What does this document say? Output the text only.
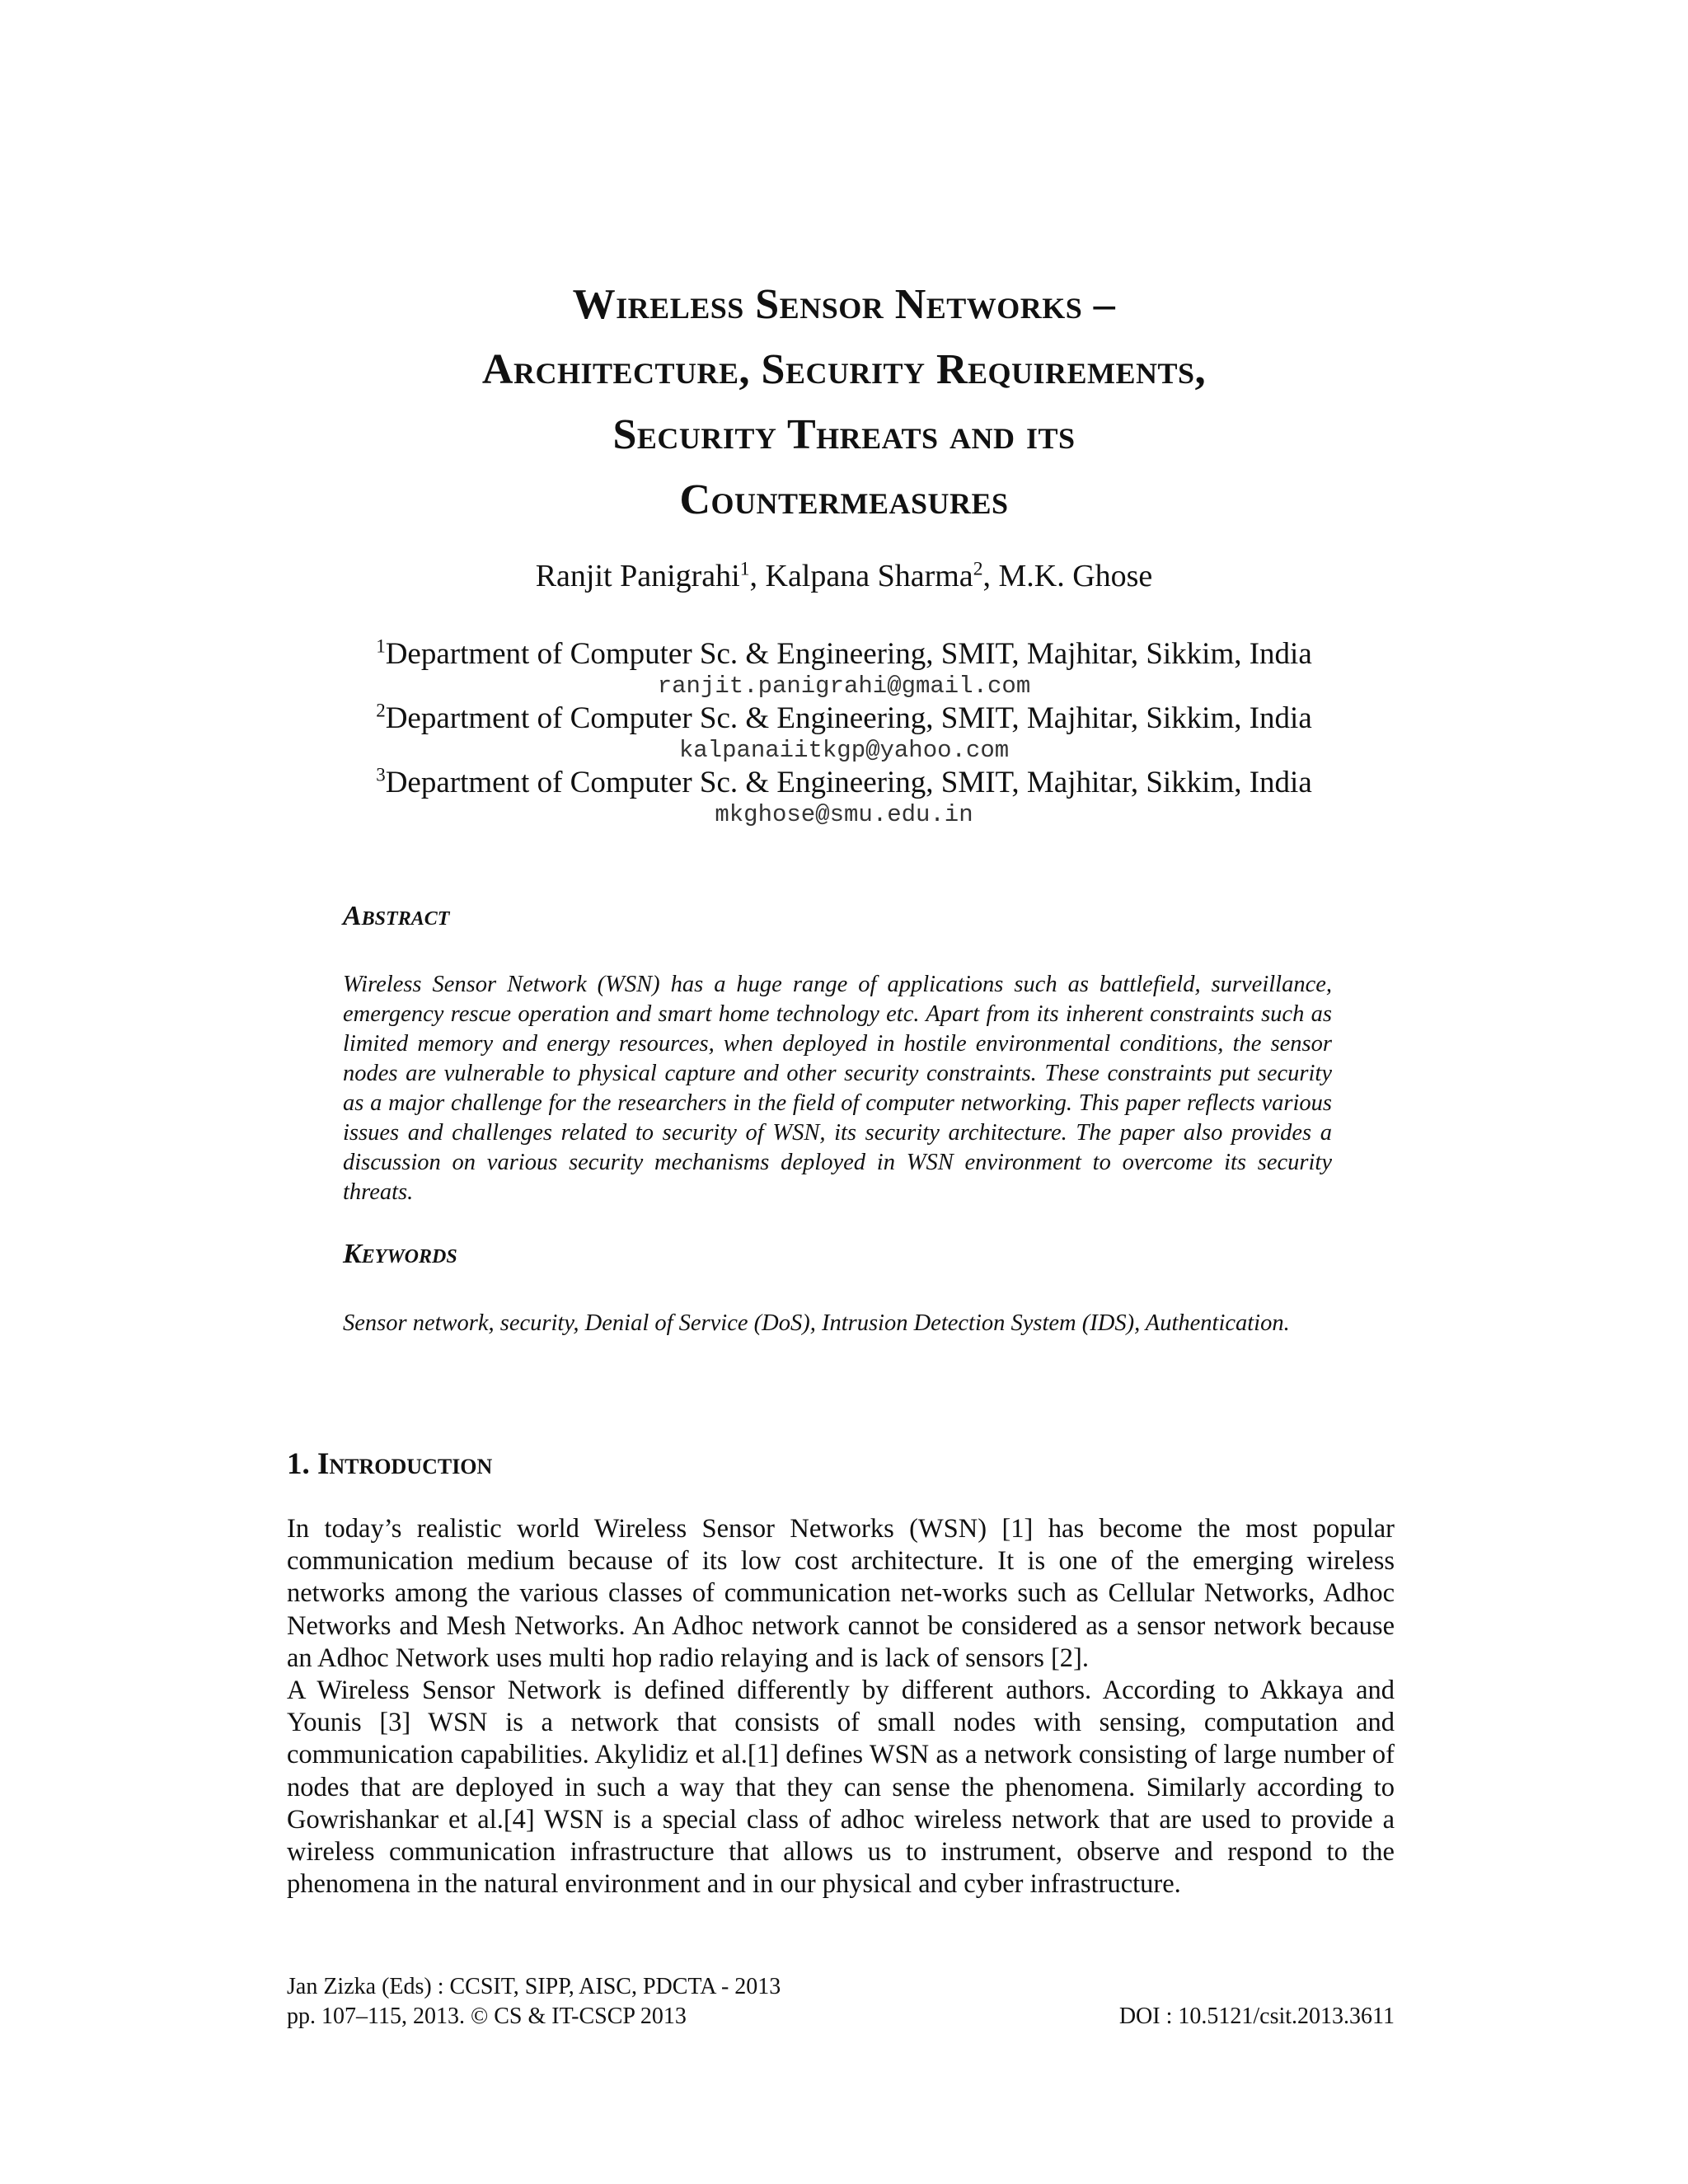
Wireless Sensor Networks –
Architecture, Security Requirements,
Security Threats and its
Countermeasures
Ranjit Panigrahi$^1$, Kalpana Sharma$^2$, M.K. Ghose
$^1$Department of Computer Sc. & Engineering, SMIT, Majhitar, Sikkim, India
ranjit.panigrahi@gmail.com
$^2$Department of Computer Sc. & Engineering, SMIT, Majhitar, Sikkim, India
kalpanaiitkgp@yahoo.com
$^3$Department of Computer Sc. & Engineering, SMIT, Majhitar, Sikkim, India
mkghose@smu.edu.in
Abstract
Wireless Sensor Network (WSN) has a huge range of applications such as battlefield, surveillance, emergency rescue operation and smart home technology etc. Apart from its inherent constraints such as limited memory and energy resources, when deployed in hostile environmental conditions, the sensor nodes are vulnerable to physical capture and other security constraints. These constraints put security as a major challenge for the researchers in the field of computer networking. This paper reflects various issues and challenges related to security of WSN, its security architecture. The paper also provides a discussion on various security mechanisms deployed in WSN environment to overcome its security threats.
Keywords
Sensor network, security, Denial of Service (DoS), Intrusion Detection System (IDS), Authentication.
1. Introduction

In today’s realistic world Wireless Sensor Networks (WSN) [1] has become the most popular communication medium because of its low cost architecture. It is one of the emerging wireless networks among the various classes of communication net-works such as Cellular Networks, Adhoc Networks and Mesh Networks. An Adhoc network cannot be considered as a sensor network because an Adhoc Network uses multi hop radio relaying and is lack of sensors [2].

A Wireless Sensor Network is defined differently by different authors. According to Akkaya and Younis [3] WSN is a network that consists of small nodes with sensing, computation and communication capabilities. Akylidiz et al.[1] defines WSN as a network consisting of large number of nodes that are deployed in such a way that they can sense the phenomena. Similarly according to Gowrishankar et al.[4] WSN is a special class of adhoc wireless network that are used to provide a wireless communication infrastructure that allows us to instrument, observe and respond to the phenomena in the natural environment and in our physical and cyber infrastructure.

Jan Zizka (Eds) : CCSIT, SIPP, AISC, PDCTA - 2013
pp. 107–115, 2013. © CS & IT-CSCP 2013	DOI : 10.5121/csit.2013.3611
